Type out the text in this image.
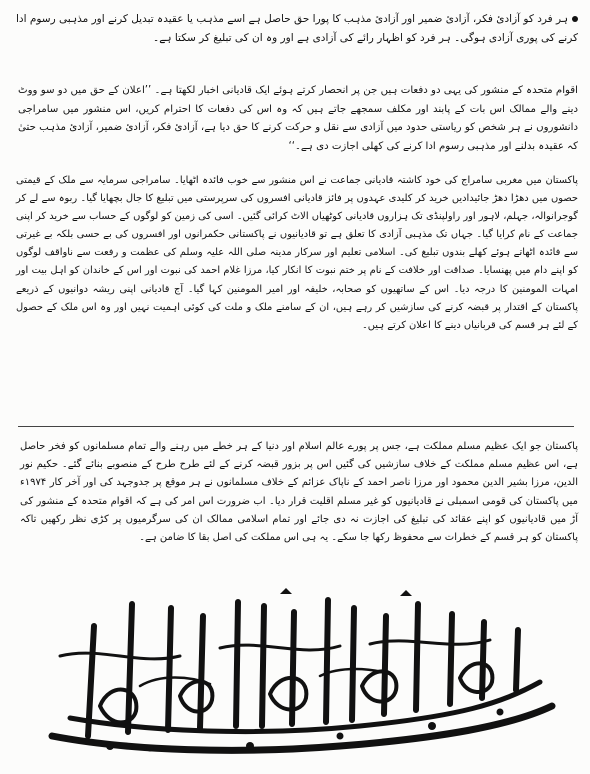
ہر فرد کو آزادئ فکر، آزادئ ضمیر اور آزادئ مذہب کا پورا حق حاصل ہے اسے مذہب یا عقیدہ تبدیل کرنے اور مذہبی رسوم ادا کرنے کی پوری آزادی ہوگی۔ ہر فرد کو اظہار رائے کی آزادی ہے اور وہ ان کی تبلیغ کر سکتا ہے۔
اقوام متحدہ کے منشور کی یہی دو دفعات ہیں جن پر انحصار کرتے ہوئے ایک قادیانی اخبار لکھتا ہے۔ ’’اعلان کے حق میں دو سو ووٹ دینے والے ممالک اس بات کے پابند اور مکلف سمجھے جاتے ہیں کہ وہ اس کی دفعات کا احترام کریں، اس منشور میں سامراجی دانشوروں نے ہر شخص کو ریاستی حدود میں آزادی سے نقل و حرکت کرنے کا حق دیا ہے، آزادئ فکر، آزادئ ضمیر، آزادئ مذہب حتیٰ کہ عقیدہ بدلنے اور مذہبی رسوم ادا کرنے کی کھلی اجازت دی ہے۔‘‘
پاکستان میں مغربی سامراج کی خود کاشتہ قادیانی جماعت نے اس منشور سے خوب فائدہ اٹھایا۔ سامراجی سرمایہ سے ملک کے قیمتی حصوں میں دھڑا دھڑ جائیدادیں خرید کر کلیدی عہدوں پر فائز قادیانی افسروں کی سرپرستی میں تبلیغ کا جال بچھایا گیا۔ ربوہ سے لے کر گوجرانوالہ، جہلم، لاہور اور راولپنڈی تک ہزاروں قادیانی کوٹھیاں الاٹ کرائی گئیں۔ اسی کی زمین کو لوگوں کے حساب سے خرید کر اپنی جماعت کے نام کرایا گیا۔ جہاں تک مذہبی آزادی کا تعلق ہے تو قادیانیوں نے پاکستانی حکمرانوں اور افسروں کی بے حسی بلکہ بے غیرتی سے فائدہ اٹھاتے ہوئے کھلے بندوں تبلیغ کی۔ اسلامی تعلیم اور سرکار مدینہ صلی اللہ علیہ وسلم کی عظمت و رفعت سے ناواقف لوگوں کو اپنے دام میں پھنسایا۔ صداقت اور خلافت کے نام پر ختم نبوت کا انکار کیا، مرزا غلام احمد کی نبوت اور اس کے خاندان کو اہل بیت اور امہات المومنین کا درجہ دیا۔ اس کے ساتھیوں کو صحابہ، خلیفہ اور امیر المومنین کہا گیا۔ آج قادیانی اپنی ریشہ دوانیوں کے ذریعے پاکستان کے اقتدار پر قبضہ کرنے کی سازشیں کر رہے ہیں، ان کے سامنے ملک و ملت کی کوئی اہمیت نہیں اور وہ اس ملک کے حصول کے لئے ہر قسم کی قربانیاں دینے کا اعلان کرتے ہیں۔
پاکستان جو ایک عظیم مسلم مملکت ہے، جس پر پورے عالم اسلام اور دنیا کے ہر خطے میں رہنے والے تمام مسلمانوں کو فخر حاصل ہے، اس عظیم مسلم مملکت کے خلاف سازشیں کی گئیں اس پر بزور قبضہ کرنے کے لئے طرح طرح کے منصوبے بنائے گئے۔ حکیم نور الدین، مرزا بشیر الدین محمود اور مرزا ناصر احمد کے ناپاک عزائم کے خلاف مسلمانوں نے ہر موقع پر جدوجہد کی اور آخر کار ۱۹۷۴ء میں پاکستان کی قومی اسمبلی نے قادیانیوں کو غیر مسلم اقلیت قرار دیا۔ اب ضرورت اس امر کی ہے کہ اقوام متحدہ کے منشور کی آڑ میں قادیانیوں کو اپنے عقائد کی تبلیغ کی اجازت نہ دی جائے اور تمام اسلامی ممالک ان کی سرگرمیوں پر کڑی نظر رکھیں تاکہ پاکستان کو ہر قسم کے خطرات سے محفوظ رکھا جا سکے۔ یہ ہی اس مملکت کی اصل بقا کا ضامن ہے۔
